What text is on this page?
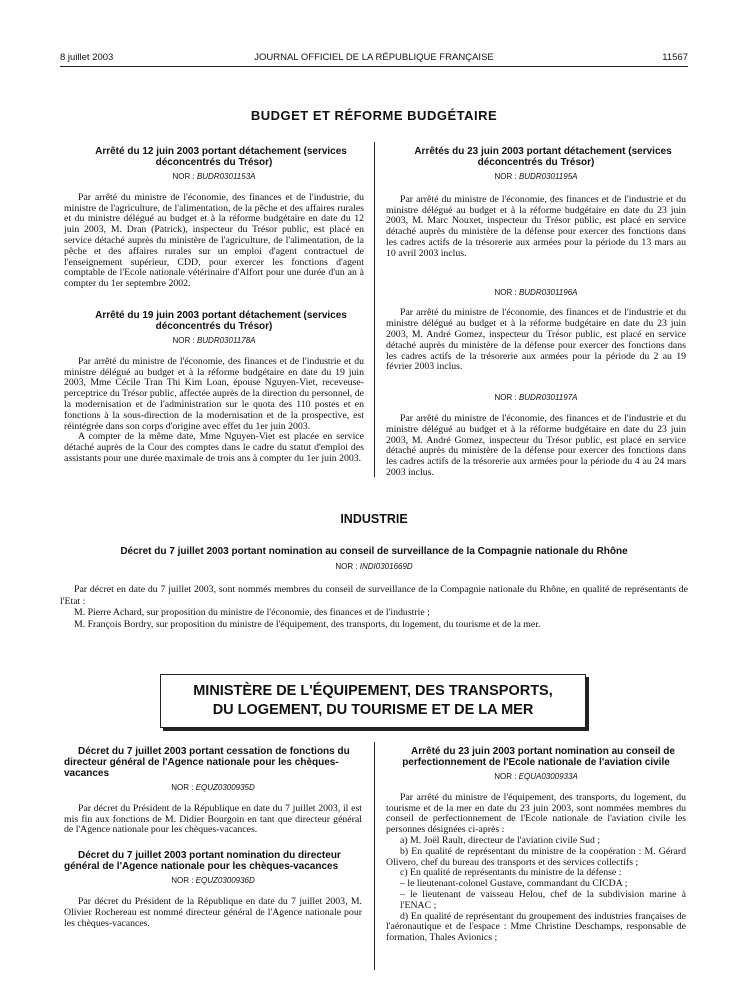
8 juillet 2003	JOURNAL OFFICIEL DE LA RÉPUBLIQUE FRANÇAISE	11567
BUDGET ET RÉFORME BUDGÉTAIRE

Arrêté du 12 juin 2003 portant détachement (services déconcentrés du Trésor)

NOR : BUDR0301153A

Par arrêté du ministre de l'économie, des finances et de l'industrie, du ministre de l'agriculture, de l'alimentation, de la pêche et des affaires rurales et du ministre délégué au budget et à la réforme budgétaire en date du 12 juin 2003, M. Dran (Patrick), inspecteur du Trésor public, est placé en service détaché auprès du ministère de l'agriculture, de l'alimentation, de la pêche et des affaires rurales sur un emploi d'agent contractuel de l'enseignement supérieur, CDD, pour exercer les fonctions d'agent comptable de l'Ecole nationale vétérinaire d'Alfort pour une durée d'un an à compter du 1er septembre 2002.

Arrêté du 19 juin 2003 portant détachement (services déconcentrés du Trésor)

NOR : BUDR0301178A

Par arrêté du ministre de l'économie, des finances et de l'industrie et du ministre délégué au budget et à la réforme budgétaire en date du 19 juin 2003, Mme Cécile Tran Thi Kim Loan, épouse Nguyen-Viet, receveuse-perceptrice du Trésor public, affectée auprès de la direction du personnel, de la modernisation et de l'administration sur le quota des 110 postes et en fonctions à la sous-direction de la modernisation et de la prospective, est réintégrée dans son corps d'origine avec effet du 1er juin 2003.

A compter de la même date, Mme Nguyen-Viet est placée en service détaché auprès de la Cour des comptes dans le cadre du statut d'emploi des assistants pour une durée maximale de trois ans à compter du 1er juin 2003.

Arrêtés du 23 juin 2003 portant détachement (services déconcentrés du Trésor)

NOR : BUDR0301195A

Par arrêté du ministre de l'économie, des finances et de l'industrie et du ministre délégué au budget et à la réforme budgétaire en date du 23 juin 2003, M. Marc Nouxet, inspecteur du Trésor public, est placé en service détaché auprès du ministère de la défense pour exercer des fonctions dans les cadres actifs de la trésorerie aux armées pour la période du 13 mars au 10 avril 2003 inclus.

NOR : BUDR0301196A

Par arrêté du ministre de l'économie, des finances et de l'industrie et du ministre délégué au budget et à la réforme budgétaire en date du 23 juin 2003, M. André Gomez, inspecteur du Trésor public, est placé en service détaché auprès du ministère de la défense pour exercer des fonctions dans les cadres actifs de la trésorerie aux armées pour la période du 2 au 19 février 2003 inclus.

NOR : BUDR0301197A

Par arrêté du ministre de l'économie, des finances et de l'industrie et du ministre délégué au budget et à la réforme budgétaire en date du 23 juin 2003, M. André Gomez, inspecteur du Trésor public, est placé en service détaché auprès du ministère de la défense pour exercer des fonctions dans les cadres actifs de la trésorerie aux armées pour la période du 4 au 24 mars 2003 inclus.

INDUSTRIE
Décret du 7 juillet 2003 portant nomination au conseil de surveillance de la Compagnie nationale du Rhône
NOR : INDI0301669D

Par décret en date du 7 juillet 2003, sont nommés membres du conseil de surveillance de la Compagnie nationale du Rhône, en qualité de représentants de l'Etat :

M. Pierre Achard, sur proposition du ministre de l'économie, des finances et de l'industrie ;

M. François Bordry, sur proposition du ministre de l'équipement, des transports, du logement, du tourisme et de la mer.

MINISTÈRE DE L'ÉQUIPEMENT, DES TRANSPORTS,
DU LOGEMENT, DU TOURISME ET DE LA MER

Décret du 7 juillet 2003 portant cessation de fonctions du directeur général de l'Agence nationale pour les chèques-vacances

NOR : EQUZ0300935D

Par décret du Président de la République en date du 7 juillet 2003, il est mis fin aux fonctions de M. Didier Bourgoin en tant que directeur général de l'Agence nationale pour les chèques-vacances.

Décret du 7 juillet 2003 portant nomination du directeur général de l'Agence nationale pour les chèques-vacances

NOR : EQUZ0300936D

Par décret du Président de la République en date du 7 juillet 2003, M. Olivier Rochereau est nommé directeur général de l'Agence nationale pour les chèques-vacances.

Arrêté du 23 juin 2003 portant nomination au conseil de perfectionnement de l'Ecole nationale de l'aviation civile

NOR : EQUA0300933A

Par arrêté du ministre de l'équipement, des transports, du logement, du tourisme et de la mer en date du 23 juin 2003, sont nommées membres du conseil de perfectionnement de l'Ecole nationale de l'aviation civile les personnes désignées ci-après :

a) M. Joël Rault, directeur de l'aviation civile Sud ;

b) En qualité de représentant du ministre de la coopération : M. Gérard Olivero, chef du bureau des transports et des services collectifs ;

c) En qualité de représentants du ministre de la défense :

– le lieutenant-colonel Gustave, commandant du CICDA ;

– le lieutenant de vaisseau Helou, chef de la subdivision marine à l'ENAC ;

d) En qualité de représentant du groupement des industries françaises de l'aéronautique et de l'espace : Mme Christine Deschamps, responsable de formation, Thales Avionics ;
